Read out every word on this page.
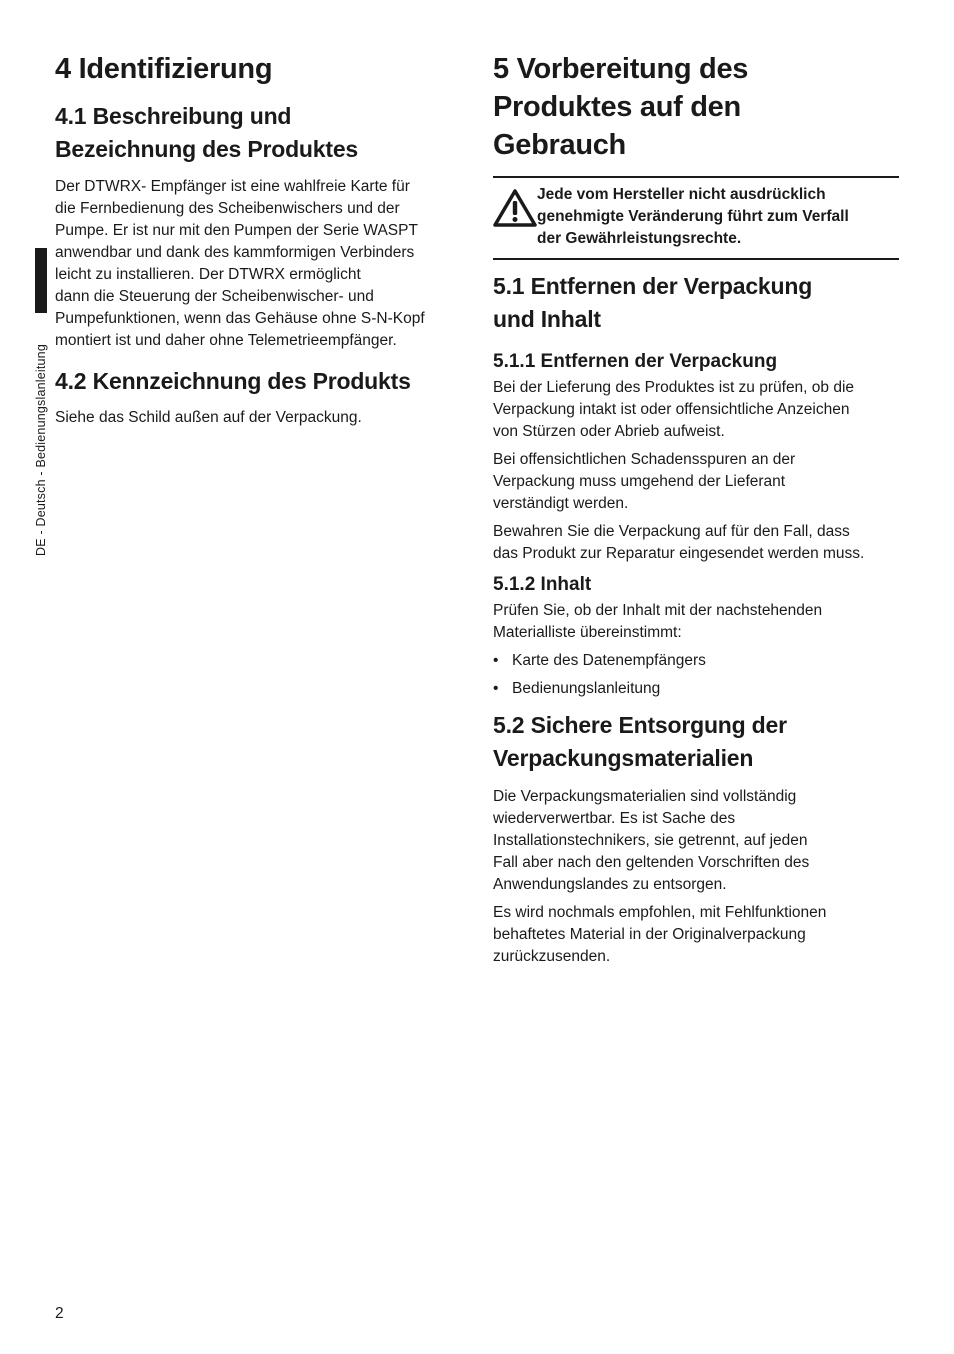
DE - Deutsch - Bedienungslanleitung
4 Identifizierung
4.1 Beschreibung und
Bezeichnung des Produktes

Der DTWRX- Empfänger ist eine wahlfreie Karte für
die Fernbedienung des Scheibenwischers und der
Pumpe. Er ist nur mit den Pumpen der Serie WASPT
anwendbar und dank des kammformigen Verbinders
leicht zu installieren. Der DTWRX ermöglicht
dann die Steuerung der Scheibenwischer- und
Pumpefunktionen, wenn das Gehäuse ohne S-N-Kopf
montiert ist und daher ohne Telemetrieempfänger.

4.2 Kennzeichnung des Produkts

Siehe das Schild außen auf der Verpackung.

5 Vorbereitung des
Produktes auf den
Gebrauch
Jede vom Hersteller nicht ausdrücklich
genehmigte Veränderung führt zum Verfall
der Gewährleistungsrechte.
5.1 Entfernen der Verpackung
und Inhalt
5.1.1 Entfernen der Verpackung

Bei der Lieferung des Produktes ist zu prüfen, ob die
Verpackung intakt ist oder offensichtliche Anzeichen
von Stürzen oder Abrieb aufweist.

Bei offensichtlichen Schadensspuren an der
Verpackung muss umgehend der Lieferant
verständigt werden.

Bewahren Sie die Verpackung auf für den Fall, dass
das Produkt zur Reparatur eingesendet werden muss.

5.1.2 Inhalt

Prüfen Sie, ob der Inhalt mit der nachstehenden
Materialliste übereinstimmt:

• Karte des Datenempfängers
• Bedienungslanleitung
5.2 Sichere Entsorgung der
Verpackungsmaterialien

Die Verpackungsmaterialien sind vollständig
wiederverwertbar. Es ist Sache des
Installationstechnikers, sie getrennt, auf jeden
Fall aber nach den geltenden Vorschriften des
Anwendungslandes zu entsorgen.

Es wird nochmals empfohlen, mit Fehlfunktionen
behaftetes Material in der Originalverpackung
zurückzusenden.

2
